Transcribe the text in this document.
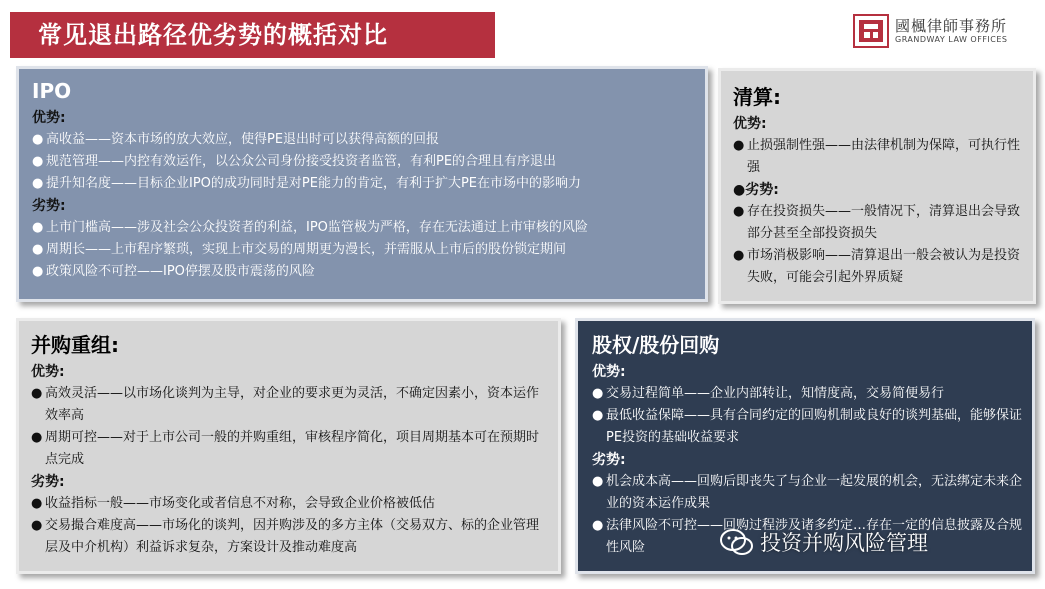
常见退出路径优劣势的概括对比	國楓律師事務所
GRANDWAY LAW OFFICES
IPO
优势:
● 高收益——资本市场的放大效应，使得PE退出时可以获得高额的回报
● 规范管理——内控有效运作，以公众公司身份接受投资者监管，有利PE的合理且有序退出
● 提升知名度——目标企业IPO的成功同时是对PE能力的肯定，有利于扩大PE在市场中的影响力
劣势:
● 上市门槛高——涉及社会公众投资者的利益，IPO监管极为严格，存在无法通过上市审核的风险
● 周期长——上市程序繁琐，实现上市交易的周期更为漫长，并需服从上市后的股份锁定期间
● 政策风险不可控——IPO停摆及股市震荡的风险
清算:
优势:
● 止损强制性强——由法律机制为保障，可执行性强
●劣势:
● 存在投资损失——一般情况下，清算退出会导致部分甚至全部投资损失
● 市场消极影响——清算退出一般会被认为是投资失败，可能会引起外界质疑
并购重组:
优势:
● 高效灵活——以市场化谈判为主导，对企业的要求更为灵活，不确定因素小，资本运作效率高
● 周期可控——对于上市公司一般的并购重组，审核程序简化，项目周期基本可在预期时点完成
劣势:
● 收益指标一般——市场变化或者信息不对称，会导致企业价格被低估
● 交易撮合难度高——市场化的谈判，因并购涉及的多方主体（交易双方、标的企业管理层及中介机构）利益诉求复杂，方案设计及推动难度高
股权/股份回购
优势:
● 交易过程简单——企业内部转让，知情度高，交易简便易行
● 最低收益保障——具有合同约定的回购机制或良好的谈判基础，能够保证PE投资的基础收益要求
劣势:
● 机会成本高——回购后即丧失了与企业一起发展的机会，无法绑定未来企业的资本运作成果
● 法律风险不可控——回购过程涉及诸多约定…存在一定的信息披露及合规性风险	投资并购风险管理
